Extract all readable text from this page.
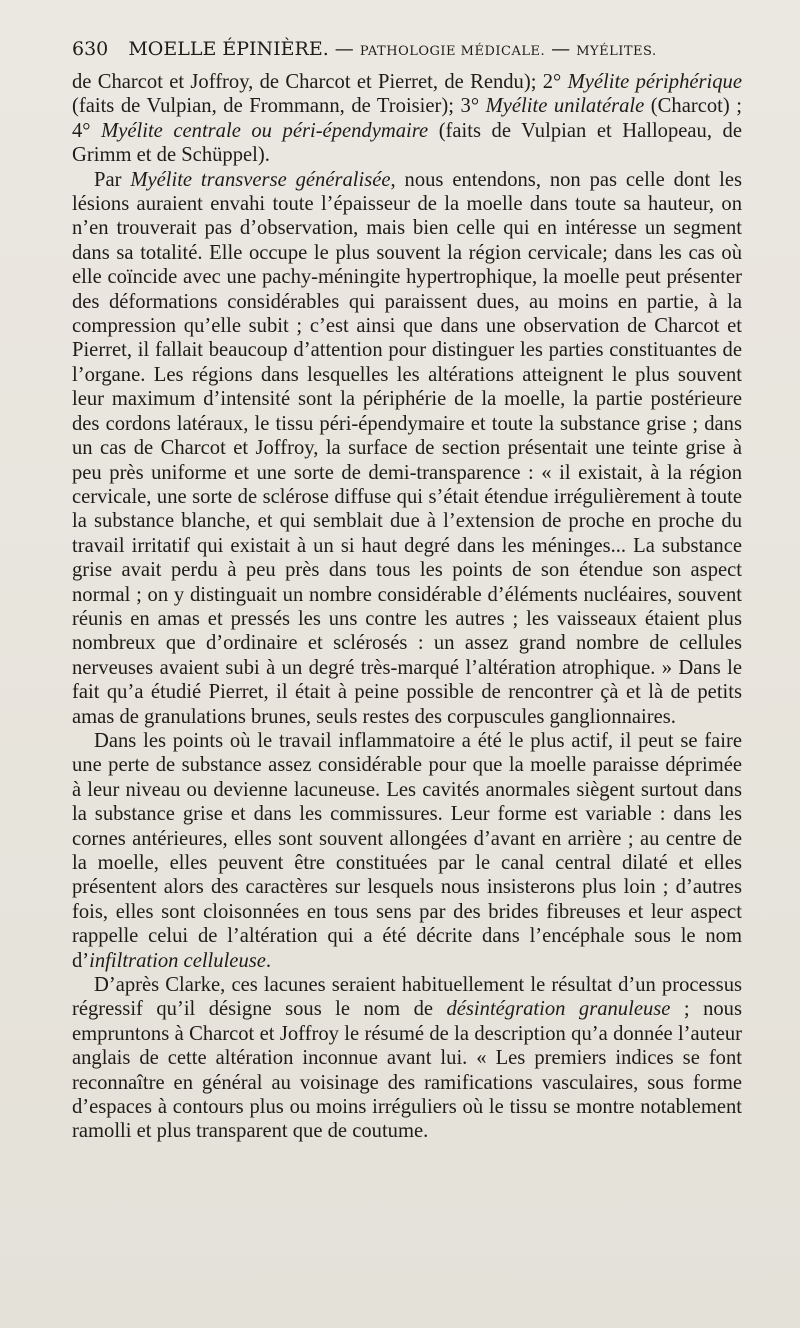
630 MOELLE ÉPINIÈRE. — PATHOLOGIE MÉDICALE. — MYÉLITES.

de Charcot et Joffroy, de Charcot et Pierret, de Rendu); 2° Myélite périphérique (faits de Vulpian, de Frommann, de Troisier); 3° Myélite unilatérale (Charcot) ; 4° Myélite centrale ou péri-épendymaire (faits de Vulpian et Hallopeau, de Grimm et de Schüppel).

Par Myélite transverse généralisée, nous entendons, non pas celle dont les lésions auraient envahi toute l’épaisseur de la moelle dans toute sa hauteur, on n’en trouverait pas d’observation, mais bien celle qui en intéresse un segment dans sa totalité. Elle occupe le plus souvent la région cervicale; dans les cas où elle coïncide avec une pachy-méningite hypertrophique, la moelle peut présenter des déformations considérables qui paraissent dues, au moins en partie, à la compression qu’elle subit ; c’est ainsi que dans une observation de Charcot et Pierret, il fallait beaucoup d’attention pour distinguer les parties constituantes de l’organe. Les régions dans lesquelles les altérations atteignent le plus souvent leur maximum d’intensité sont la périphérie de la moelle, la partie postérieure des cordons latéraux, le tissu péri-épendymaire et toute la substance grise ; dans un cas de Charcot et Joffroy, la surface de section présentait une teinte grise à peu près uniforme et une sorte de demi-transparence : « il existait, à la région cervicale, une sorte de sclérose diffuse qui s’était étendue irrégulièrement à toute la substance blanche, et qui semblait due à l’extension de proche en proche du travail irritatif qui existait à un si haut degré dans les méninges... La substance grise avait perdu à peu près dans tous les points de son étendue son aspect normal ; on y distinguait un nombre considérable d’éléments nucléaires, souvent réunis en amas et pressés les uns contre les autres ; les vaisseaux étaient plus nombreux que d’ordinaire et sclérosés : un assez grand nombre de cellules nerveuses avaient subi à un degré très-marqué l’altération atrophique. » Dans le fait qu’a étudié Pierret, il était à peine possible de rencontrer çà et là de petits amas de granulations brunes, seuls restes des corpuscules ganglionnaires.

Dans les points où le travail inflammatoire a été le plus actif, il peut se faire une perte de substance assez considérable pour que la moelle paraisse déprimée à leur niveau ou devienne lacuneuse. Les cavités anormales siègent surtout dans la substance grise et dans les commissures. Leur forme est variable : dans les cornes antérieures, elles sont souvent allongées d’avant en arrière ; au centre de la moelle, elles peuvent être constituées par le canal central dilaté et elles présentent alors des caractères sur lesquels nous insisterons plus loin ; d’autres fois, elles sont cloisonnées en tous sens par des brides fibreuses et leur aspect rappelle celui de l’altération qui a été décrite dans l’encéphale sous le nom d’infiltration celluleuse.

D’après Clarke, ces lacunes seraient habituellement le résultat d’un processus régressif qu’il désigne sous le nom de désintégration granuleuse ; nous empruntons à Charcot et Joffroy le résumé de la description qu’a donnée l’auteur anglais de cette altération inconnue avant lui. « Les premiers indices se font reconnaître en général au voisinage des ramifications vasculaires, sous forme d’espaces à contours plus ou moins irréguliers où le tissu se montre notablement ramolli et plus transparent que de coutume.
